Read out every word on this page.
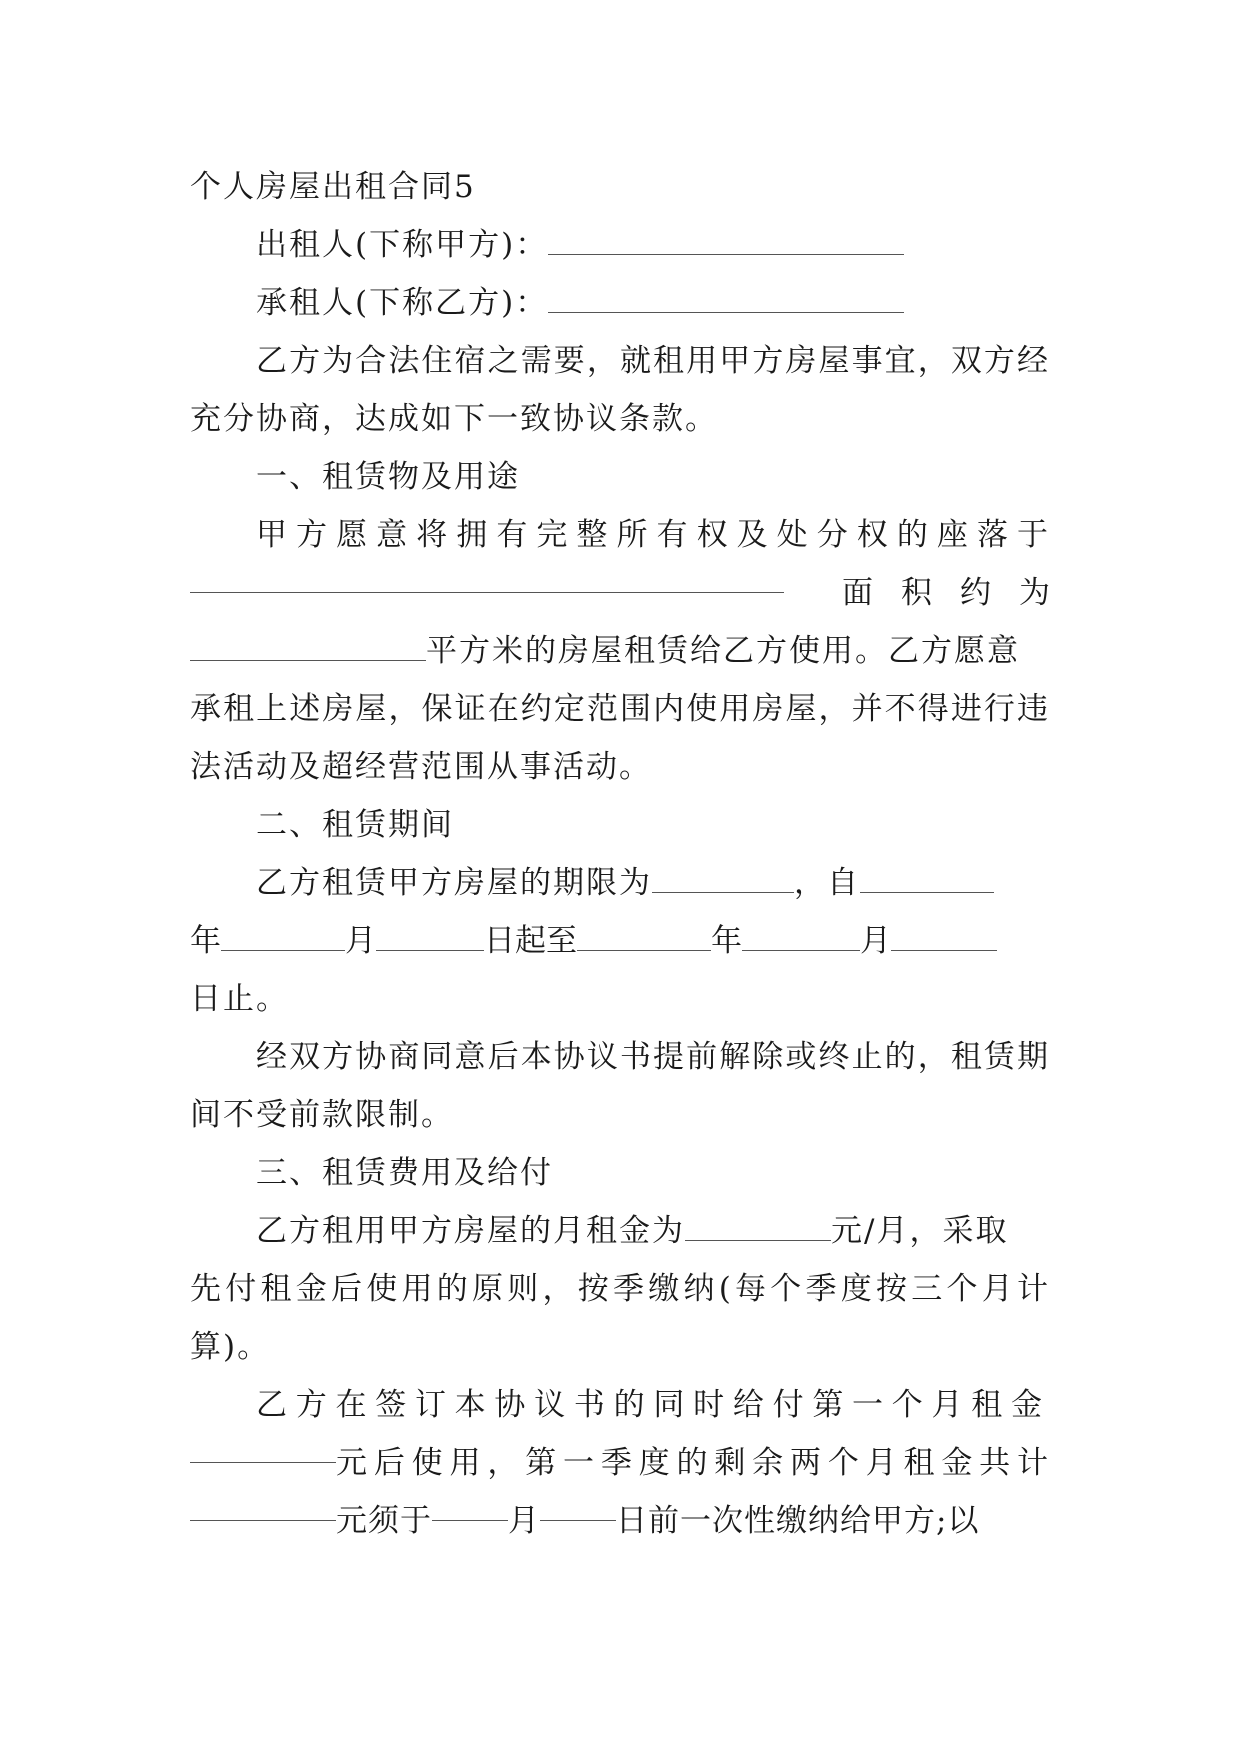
个人房屋出租合同5
出租人(下称甲方)：
承租人(下称乙方)：
乙方为合法住宿之需要，就租用甲方房屋事宜，双方经
充分协商，达成如下一致协议条款。
一、租赁物及用途
甲方愿意将拥有完整所有权及处分权的座落于
面积约为
平方米的房屋租赁给乙方使用。乙方愿意
承租上述房屋，保证在约定范围内使用房屋，并不得进行违
法活动及超经营范围从事活动。
二、租赁期间
乙方租赁甲方房屋的期限为	，自
年	月	日起至	年	月
日止。
经双方协商同意后本协议书提前解除或终止的，租赁期
间不受前款限制。
三、租赁费用及给付
乙方租用甲方房屋的月租金为	元/月，采取
先付租金后使用的原则，按季缴纳(每个季度按三个月计
算)。
乙方在签订本协议书的同时给付第一个月租金
元后使用，第一季度的剩余两个月租金共计
元须于 月 日前一次性缴纳给甲方;以
